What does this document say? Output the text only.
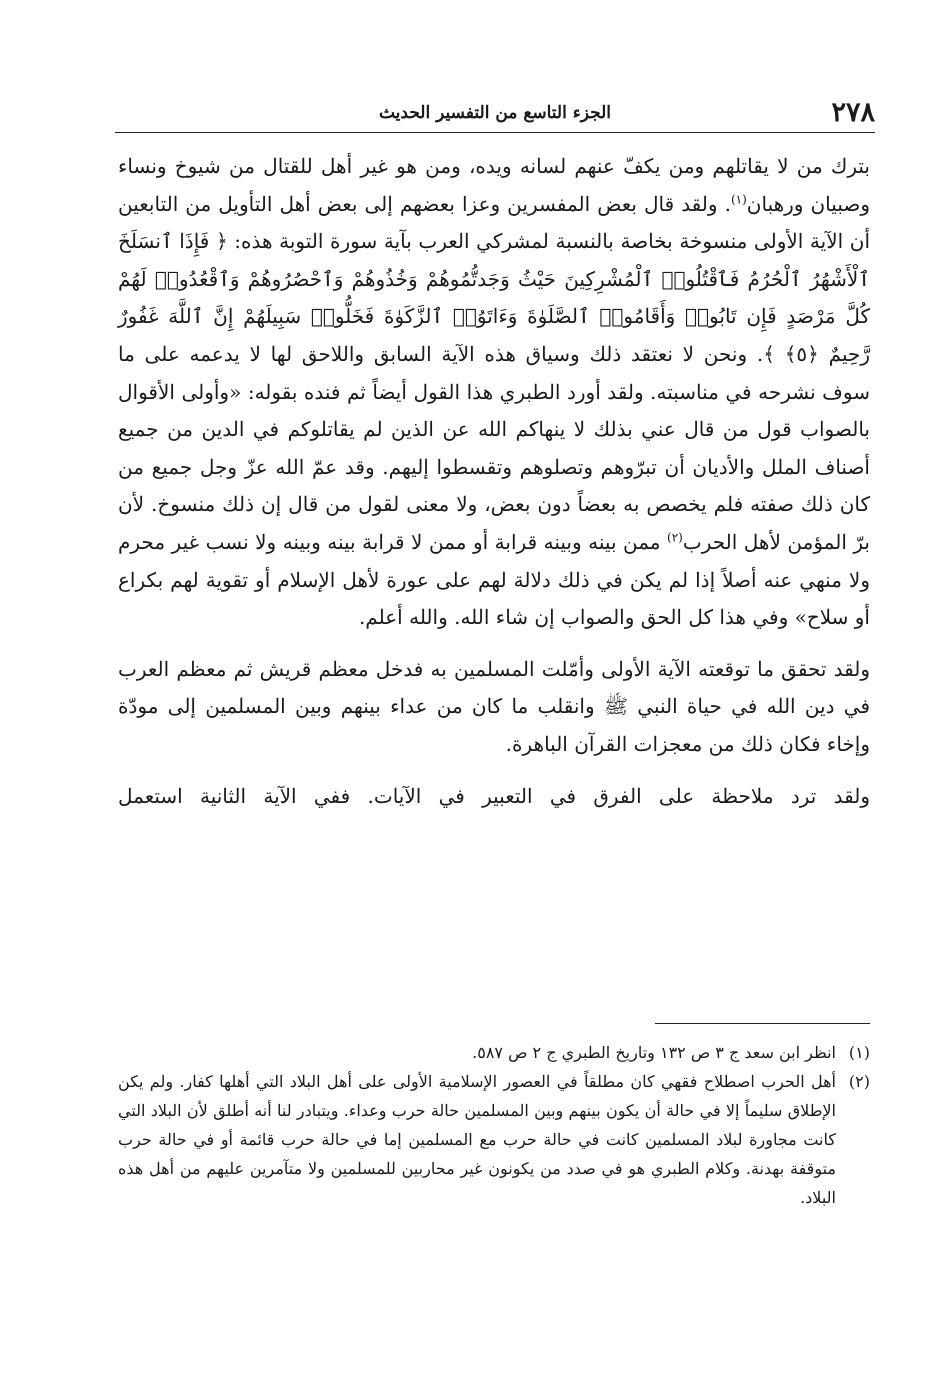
٢٧٨
الجزء التاسع من التفسير الحديث

بترك من لا يقاتلهم ومن يكفّ عنهم لسانه ويده، ومن هو غير أهل للقتال من شيوخ ونساء وصبيان ورهبان$^{(١)}$. ولقد قال بعض المفسرين وعزا بعضهم إلى بعض أهل التأويل من التابعين أن الآية الأولى منسوخة بخاصة بالنسبة لمشركي العرب بآية سورة التوبة هذه: ﴿ فَإِذَا ٱنسَلَخَ ٱلْأَشْهُرُ ٱلْحُرُمُ فَٱقْتُلُوا۟ ٱلْمُشْرِكِينَ حَيْثُ وَجَدتُّمُوهُمْ وَخُذُوهُمْ وَٱحْصُرُوهُمْ وَٱقْعُدُوا۟ لَهُمْ كُلَّ مَرْصَدٍ فَإِن تَابُوا۟ وَأَقَامُوا۟ ٱلصَّلَوٰةَ وَءَاتَوُا۟ ٱلزَّكَوٰةَ فَخَلُّوا۟ سَبِيلَهُمْ إِنَّ ٱللَّهَ غَفُورٌ رَّحِيمٌ ﴿٥﴾ ﴾. ونحن لا نعتقد ذلك وسياق هذه الآية السابق واللاحق لها لا يدعمه على ما سوف نشرحه في مناسبته. ولقد أورد الطبري هذا القول أيضاً ثم فنده بقوله: «وأولى الأقوال بالصواب قول من قال عني بذلك لا ينهاكم الله عن الذين لم يقاتلوكم في الدين من جميع أصناف الملل والأديان أن تبرّوهم وتصلوهم وتقسطوا إليهم. وقد عمّ الله عزّ وجل جميع من كان ذلك صفته فلم يخصص به بعضاً دون بعض، ولا معنى لقول من قال إن ذلك منسوخ. لأن برّ المؤمن لأهل الحرب$^{(٢)}$ ممن بينه وبينه قرابة أو ممن لا قرابة بينه وبينه ولا نسب غير محرم ولا منهي عنه أصلاً إذا لم يكن في ذلك دلالة لهم على عورة لأهل الإسلام أو تقوية لهم بكراع أو سلاح» وفي هذا كل الحق والصواب إن شاء الله. والله أعلم.

ولقد تحقق ما توقعته الآية الأولى وأمّلت المسلمين به فدخل معظم قريش ثم معظم العرب في دين الله في حياة النبي ﷺ وانقلب ما كان من عداء بينهم وبين المسلمين إلى مودّة وإخاء فكان ذلك من معجزات القرآن الباهرة.

ولقد ترد ملاحظة على الفرق في التعبير في الآيات. ففي الآية الثانية استعمل

(١)
انظر ابن سعد ج ٣ ص ١٣٢ وتاريخ الطبري ج ٢ ص ٥٨٧.
(٢)
أهل الحرب اصطلاح فقهي كان مطلقاً في العصور الإسلامية الأولى على أهل البلاد التي أهلها كفار. ولم يكن الإطلاق سليماً إلا في حالة أن يكون بينهم وبين المسلمين حالة حرب وعداء. ويتبادر لنا أنه أطلق لأن البلاد التي كانت مجاورة لبلاد المسلمين كانت في حالة حرب مع المسلمين إما في حالة حرب قائمة أو في حالة حرب متوقفة بهدنة. وكلام الطبري هو في صدد من يكونون غير محاربين للمسلمين ولا متآمرين عليهم من أهل هذه البلاد.
